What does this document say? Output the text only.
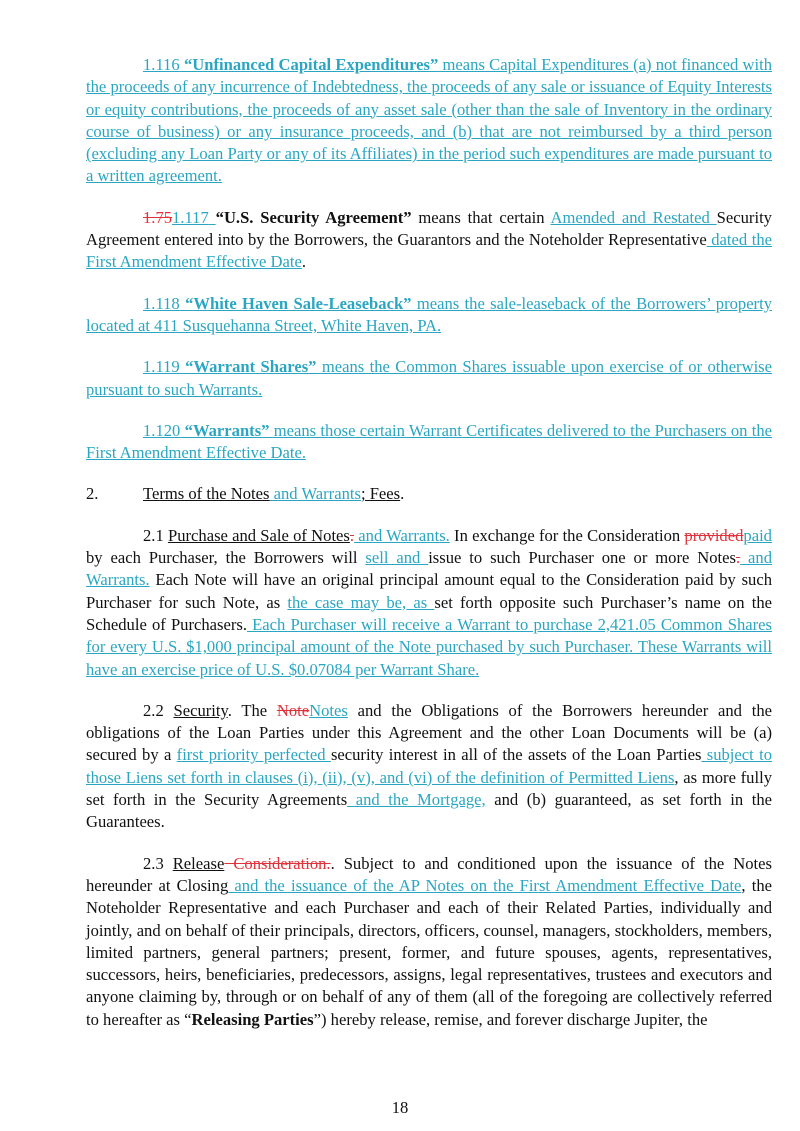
1.116 “Unfinanced Capital Expenditures” means Capital Expenditures (a) not financed with the proceeds of any incurrence of Indebtedness, the proceeds of any sale or issuance of Equity Interests or equity contributions, the proceeds of any asset sale (other than the sale of Inventory in the ordinary course of business) or any insurance proceeds, and (b) that are not reimbursed by a third person (excluding any Loan Party or any of its Affiliates) in the period such expenditures are made pursuant to a written agreement.

1.751.117 “U.S. Security Agreement” means that certain Amended and Restated Security Agreement entered into by the Borrowers, the Guarantors and the Noteholder Representative dated the First Amendment Effective Date.

1.118 “White Haven Sale-Leaseback” means the sale-leaseback of the Borrowers’ property located at 411 Susquehanna Street, White Haven, PA.

1.119 “Warrant Shares” means the Common Shares issuable upon exercise of or otherwise pursuant to such Warrants.

1.120 “Warrants” means those certain Warrant Certificates delivered to the Purchasers on the First Amendment Effective Date.

2.	Terms of the Notes and Warrants; Fees.

2.1 Purchase and Sale of Notes. and Warrants. In exchange for the Consideration providedpaid by each Purchaser, the Borrowers will sell and issue to such Purchaser one or more Notes. and Warrants. Each Note will have an original principal amount equal to the Consideration paid by such Purchaser for such Note, as the case may be, as set forth opposite such Purchaser’s name on the Schedule of Purchasers. Each Purchaser will receive a Warrant to purchase 2,421.05 Common Shares for every U.S. $1,000 principal amount of the Note purchased by such Purchaser. These Warrants will have an exercise price of U.S. $0.07084 per Warrant Share.

2.2 Security. The NoteNotes and the Obligations of the Borrowers hereunder and the obligations of the Loan Parties under this Agreement and the other Loan Documents will be (a) secured by a first priority perfected security interest in all of the assets of the Loan Parties subject to those Liens set forth in clauses (i), (ii), (v), and (vi) of the definition of Permitted Liens, as more fully set forth in the Security Agreements and the Mortgage, and (b) guaranteed, as set forth in the Guarantees.

2.3 Release Consideration.. Subject to and conditioned upon the issuance of the Notes hereunder at Closing and the issuance of the AP Notes on the First Amendment Effective Date, the Noteholder Representative and each Purchaser and each of their Related Parties, individually and jointly, and on behalf of their principals, directors, officers, counsel, managers, stockholders, members, limited partners, general partners; present, former, and future spouses, agents, representatives, successors, heirs, beneficiaries, predecessors, assigns, legal representatives, trustees and executors and anyone claiming by, through or on behalf of any of them (all of the foregoing are collectively referred to hereafter as “Releasing Parties”) hereby release, remise, and forever discharge Jupiter, the

18
